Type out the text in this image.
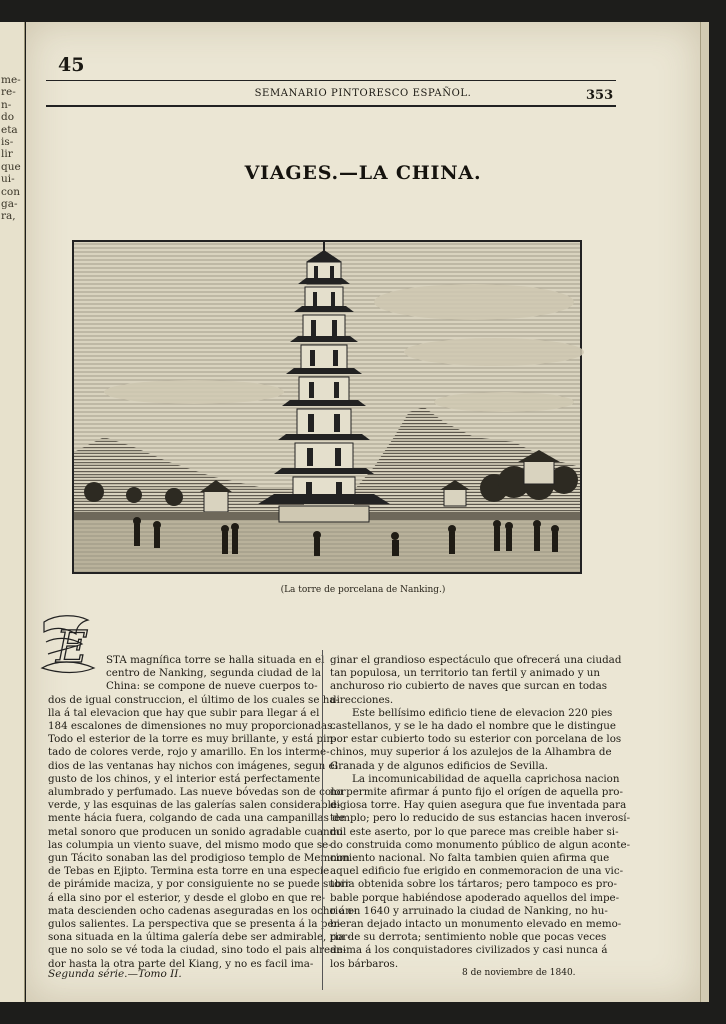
me-
re-
n-
do
eta
is-
lir
que
ui-
con
ga-
ra,
45
SEMANARIO PINTORESCO ESPAÑOL.	353
VIAGES.—LA CHINA.
(La torre de porcelana de Nanking.)
E	STA magnífica torre se halla situada en el
centro de Nanking, segunda ciudad de la
China: se compone de nueve cuerpos to-
dos de igual construccion, el último de los cuales se ha-
lla á tal elevacion que hay que subir para llegar á el
184 escalones de dimensiones no muy proporcionadas.
Todo el esterior de la torre es muy brillante, y está pin-
tado de colores verde, rojo y amarillo. En los interme-
dios de las ventanas hay nichos con imágenes, segun el
gusto de los chinos, y el interior está perfectamente
alumbrado y perfumado. Las nueve bóvedas son de color
verde, y las esquinas de las galerías salen considerable-
mente hácia fuera, colgando de cada una campanillas de
metal sonoro que producen un sonido agradable cuando
las columpia un viento suave, del mismo modo que se-
gun Tácito sonaban las del prodigioso templo de Memnon
de Tebas en Ejipto. Termina esta torre en una especie
de pirámide maciza, y por consiguiente no se puede subir
á ella sino por el esterior, y desde el globo en que re-
mata descienden ocho cadenas aseguradas en los ocho án-
gulos salientes. La perspectiva que se presenta á la per-
sona situada en la última galería debe ser admirable, por-
que no solo se vé toda la ciudad, sino todo el pais alrede-
dor hasta la otra parte del Kiang, y no es facil ima-
ginar el grandioso espectáculo que ofrecerá una ciudad
tan populosa, un territorio tan fertil y animado y un
anchuroso rio cubierto de naves que surcan en todas
direcciones.
Este bellísimo edificio tiene de elevacion 220 pies
castellanos, y se le ha dado el nombre que le distingue
por estar cubierto todo su esterior con porcelana de los
chinos, muy superior á los azulejos de la Alhambra de
Granada y de algunos edificios de Sevilla.
La incomunicabilidad de aquella caprichosa nacion
no permite afirmar á punto fijo el orígen de aquella pro-
digiosa torre. Hay quien asegura que fue inventada para
templo; pero lo reducido de sus estancias hacen inverosí-
mil este aserto, por lo que parece mas creible haber si-
do construida como monumento público de algun aconte-
cimiento nacional. No falta tambien quien afirma que
aquel edificio fue erigido en conmemoracion de una vic-
toria obtenida sobre los tártaros; pero tampoco es pro-
bable porque habiéndose apoderado aquellos del impe-
rio en 1640 y arruinado la ciudad de Nanking, no hu-
bieran dejado intacto un monumento elevado en memo-
ria de su derrota; sentimiento noble que pocas veces
anima á los conquistadores civilizados y casi nunca á
los bárbaros.
Segunda série.—Tomo II.	8 de noviembre de 1840.
